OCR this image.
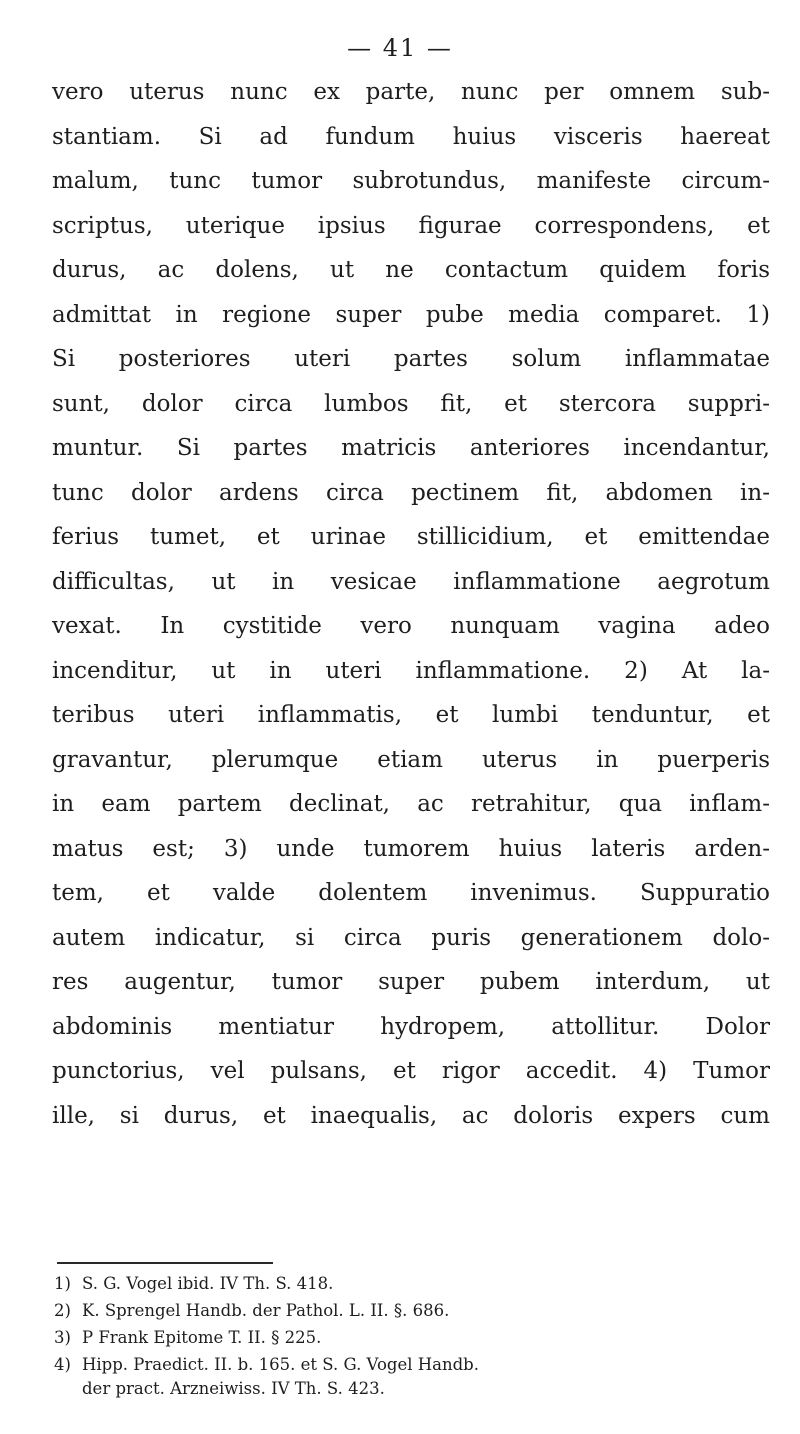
— 41 —
vero uterus nunc ex parte, nunc per omnem sub-
stantiam. Si ad fundum huius visceris haereat
malum, tunc tumor subrotundus, manifeste circum-
scriptus, uterique ipsius figurae correspondens, et
durus, ac dolens, ut ne contactum quidem foris
admittat in regione super pube media comparet. 1)
Si posteriores uteri partes solum inflammatae
sunt, dolor circa lumbos fit, et stercora suppri-
muntur. Si partes matricis anteriores incendantur,
tunc dolor ardens circa pectinem fit, abdomen in-
ferius tumet, et urinae stillicidium, et emittendae
difficultas, ut in vesicae inflammatione aegrotum
vexat. In cystitide vero nunquam vagina adeo
incenditur, ut in uteri inflammatione. 2) At la-
teribus uteri inflammatis, et lumbi tenduntur, et
gravantur, plerumque etiam uterus in puerperis
in eam partem declinat, ac retrahitur, qua inflam-
matus est; 3) unde tumorem huius lateris arden-
tem, et valde dolentem invenimus. Suppuratio
autem indicatur, si circa puris generationem dolo-
res augentur, tumor super pubem interdum, ut
abdominis mentiatur hydropem, attollitur. Dolor
punctorius, vel pulsans, et rigor accedit. 4) Tumor
ille, si durus, et inaequalis, ac doloris expers cum
1) S. G. Vogel ibid. IV Th. S. 418.
2) K. Sprengel Handb. der Pathol. L. II. §. 686.
3) P Frank Epitome T. II. § 225.
4) Hipp. Praedict. II. b. 165. et S. G. Vogel Handb.
der pract. Arzneiwiss. IV Th. S. 423.
